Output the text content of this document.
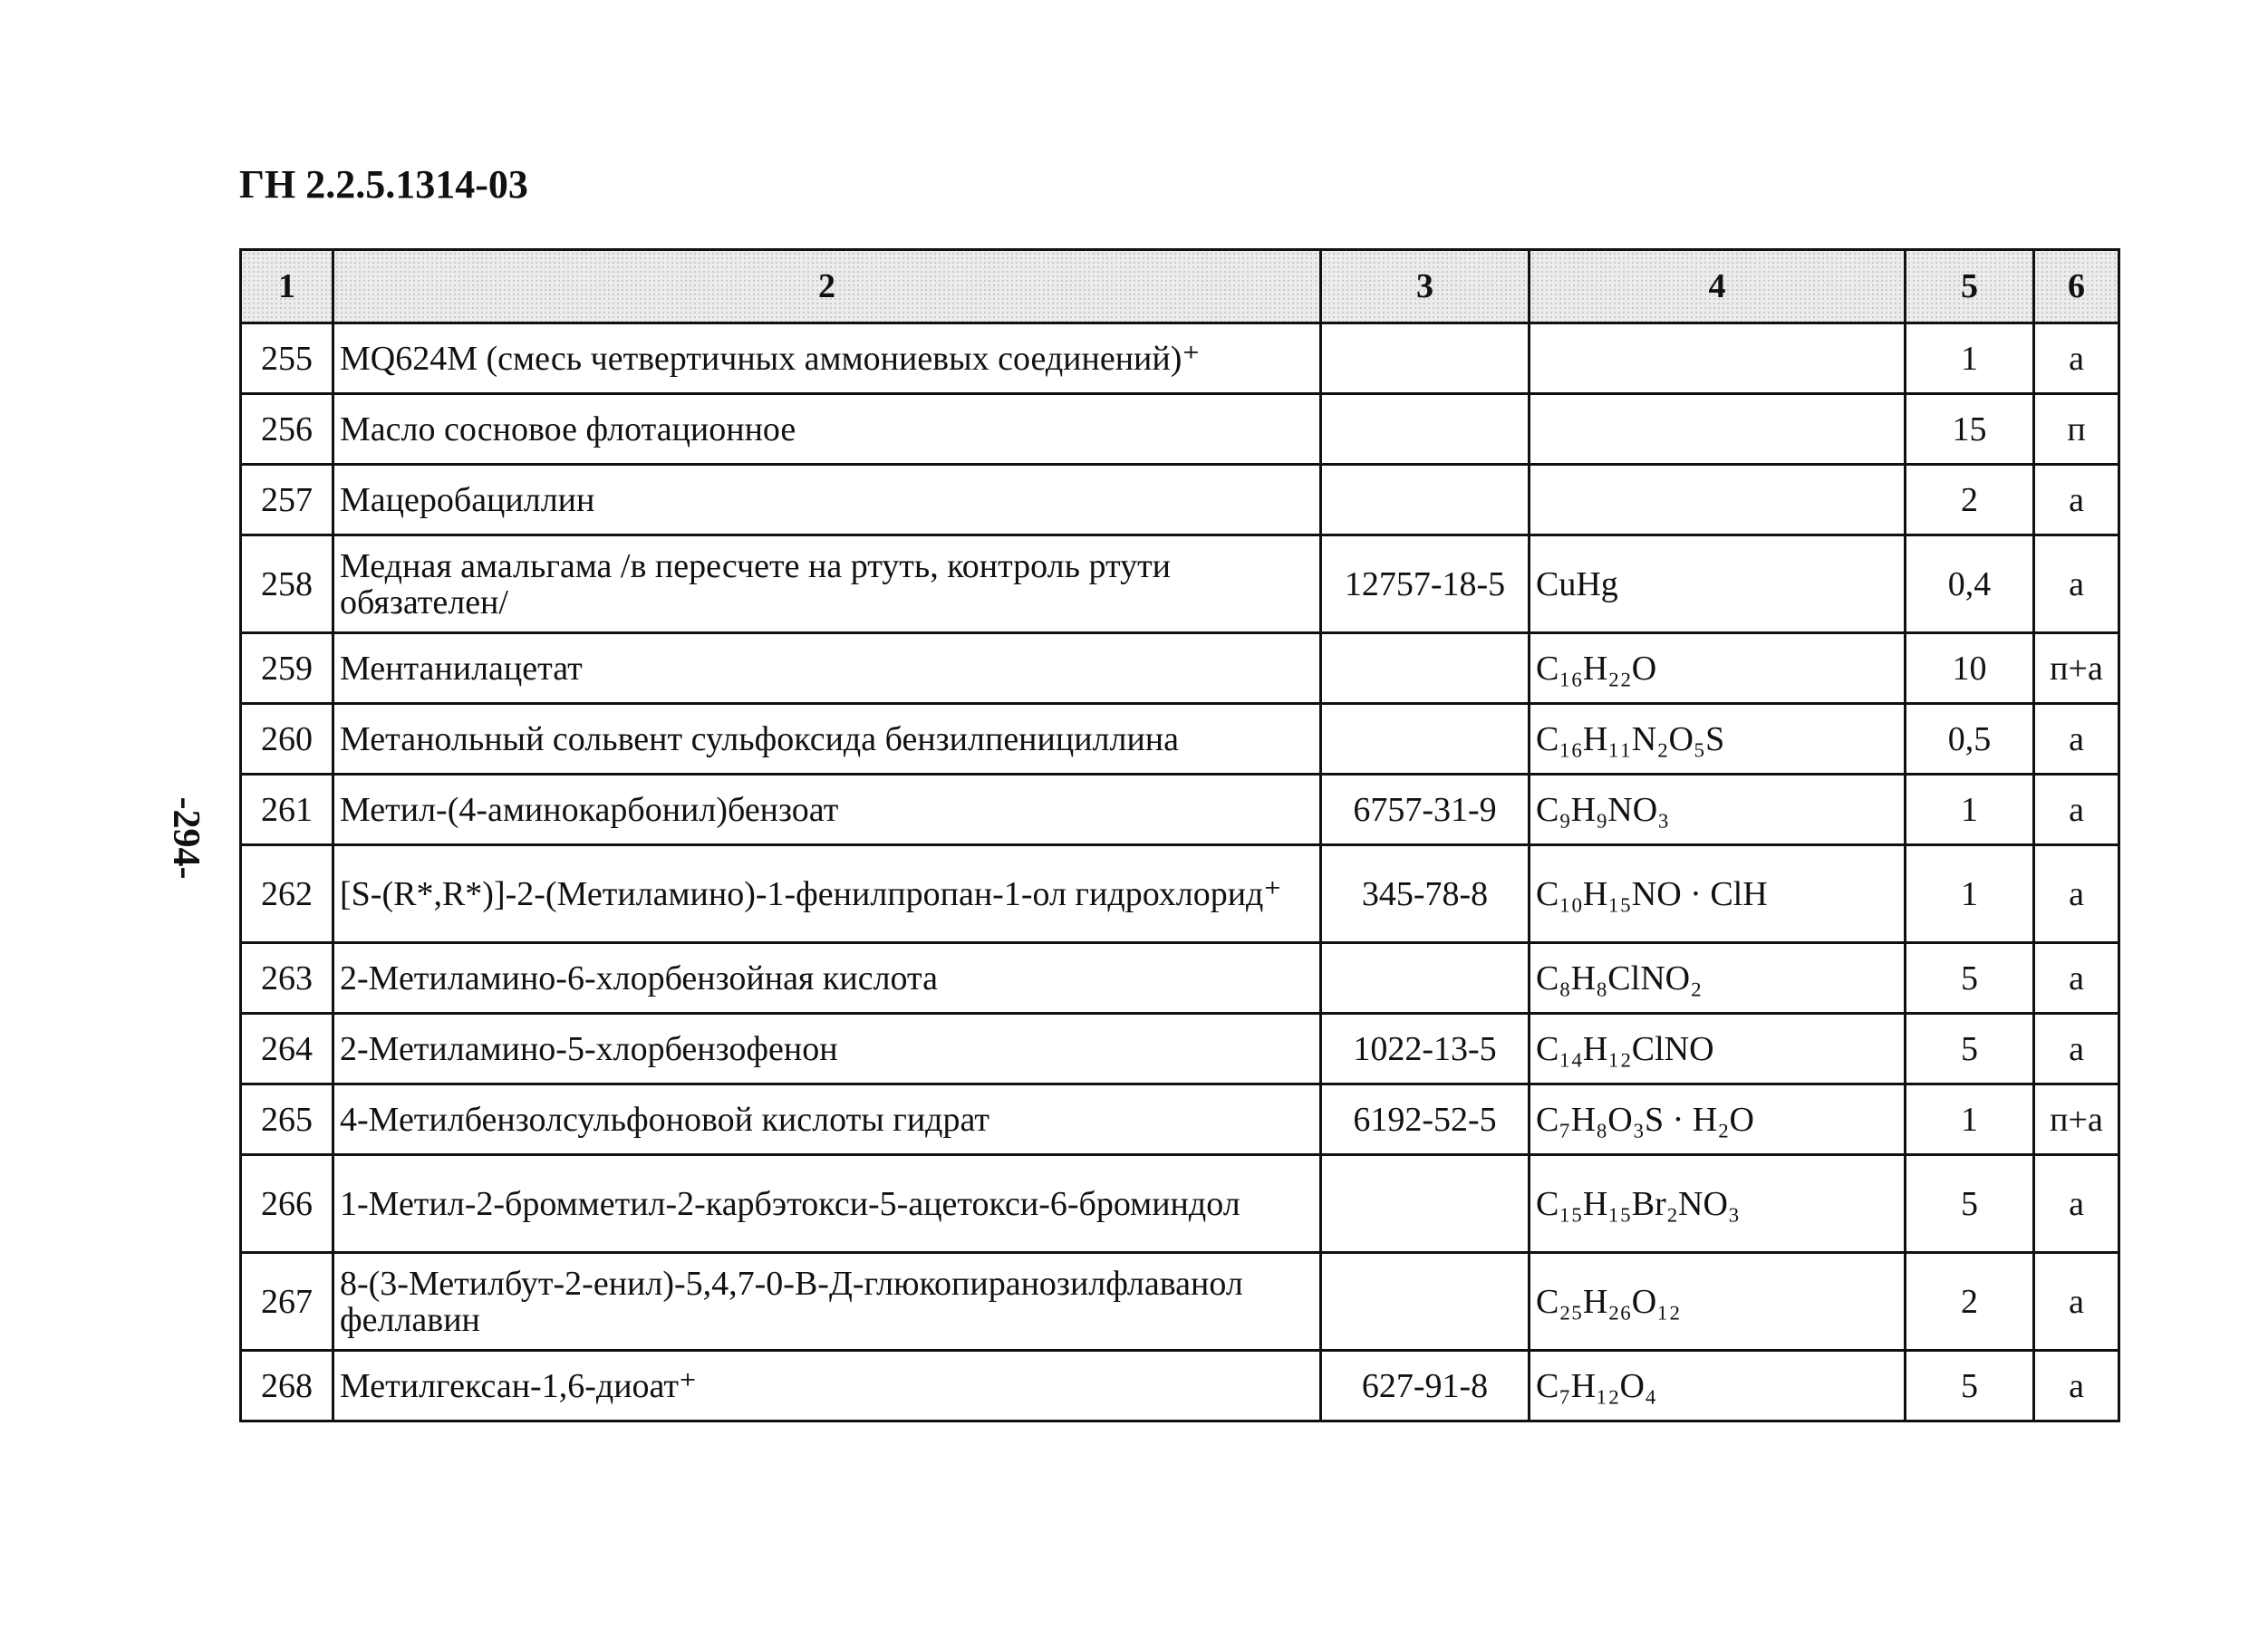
ГН 2.2.5.1314-03
-294-
1	2	3	4	5	6
255	MQ624M (смесь четвертичных аммониевых соединений)⁺			1	а
256	Масло сосновое флотационное			15	п
257	Мацеробациллин			2	а
258	Медная амальгама /в пересчете на ртуть, контроль ртути обязателен/	12757-18-5	CuHg	0,4	а
259	Ментанилацетат		C₁₆H₂₂O	10	п+а
260	Метанольный сольвент сульфоксида бензилпенициллина		C₁₆H₁₁N₂O₅S	0,5	а
261	Метил-(4-аминокарбонил)бензоат	6757-31-9	C₉H₉NO₃	1	а
262	[S-(R*,R*)]-2-(Метиламино)-1-фенилпропан-1-ол гидрохлорид⁺	345-78-8	C₁₀H₁₅NO · ClH	1	а
263	2-Метиламино-6-хлорбензойная кислота		C₈H₈ClNO₂	5	а
264	2-Метиламино-5-хлорбензофенон	1022-13-5	C₁₄H₁₂ClNO	5	а
265	4-Метилбензолсульфоновой кислоты гидрат	6192-52-5	C₇H₈O₃S · H₂O	1	п+а
266	1-Метил-2-бромметил-2-карбэтокси-5-ацетокси-6-броминдол		C₁₅H₁₅Br₂NO₃	5	а
267	8-(3-Метилбут-2-енил)-5,4,7-0-В-Д-глюкопиранозилфлаванол феллавин		C₂₅H₂₆O₁₂	2	а
268	Метилгексан-1,6-диоат⁺	627-91-8	C₇H₁₂O₄	5	а
